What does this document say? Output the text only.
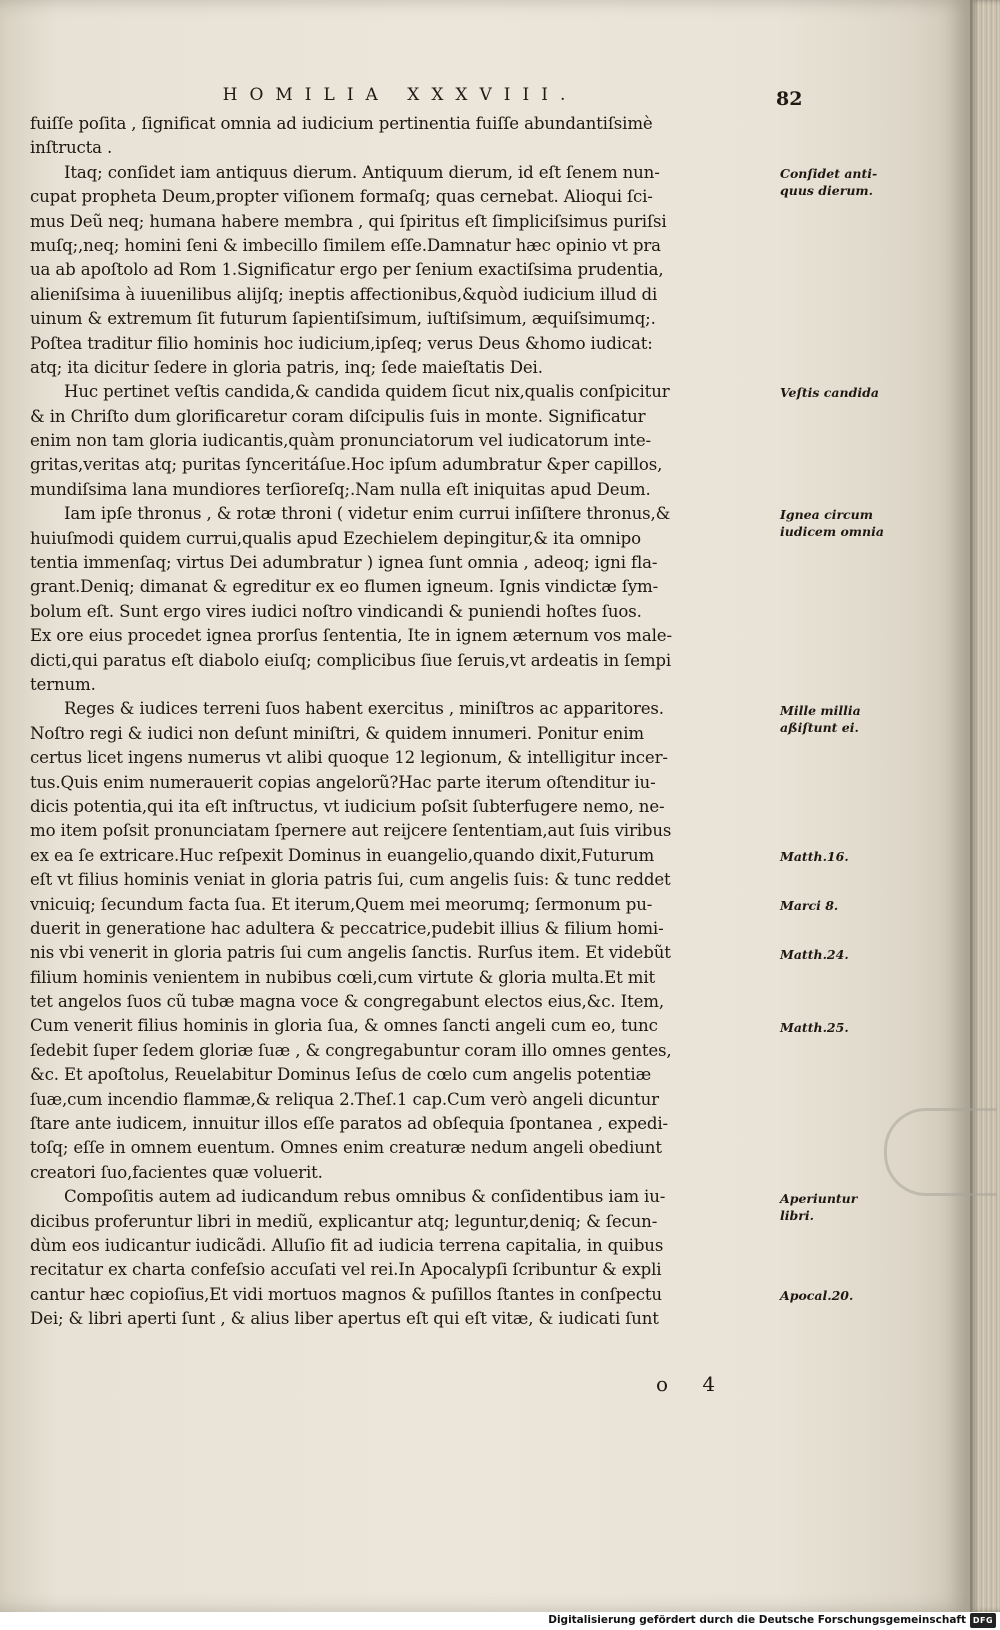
HOMILIA XXXVIII.	82
fuiſſe poſita , ſignificat omnia ad iudicium pertinentia fuiſſe abundantiſsimè
inſtructa .
Itaq; conſidet iam antiquus dierum. Antiquum dierum, id eſt ſenem nun-
cupat propheta Deum,propter viſionem formaſq; quas cernebat. Alioqui ſci-
mus Deũ neq; humana habere membra , qui ſpiritus eſt ſimpliciſsimus puriſsi
muſq;,neq; homini ſeni & imbecillo ſimilem eſſe.Damnatur hæc opinio vt pra
ua ab apoſtolo ad Rom 1.Significatur ergo per ſenium exactiſsima prudentia,
alieniſsima à iuuenilibus alijſq; ineptis affectionibus,&quòd iudicium illud di
uinum & extremum ſit futurum ſapientiſsimum, iuſtiſsimum, æquiſsimumq;.
Poſtea traditur filio hominis hoc iudicium,ipſeq; verus Deus &homo iudicat:
atq; ita dicitur ſedere in gloria patris, inq; ſede maieſtatis Dei.
Huc pertinet veſtis candida,& candida quidem ſicut nix,qualis conſpicitur
& in Chriſto dum glorificaretur coram diſcipulis ſuis in monte. Significatur
enim non tam gloria iudicantis,quàm pronunciatorum vel iudicatorum inte-
gritas,veritas atq; puritas ſynceritáſue.Hoc ipſum adumbratur &per capillos,
mundiſsima lana mundiores terſioreſq;.Nam nulla eſt iniquitas apud Deum.
Iam ipſe thronus , & rotæ throni ( videtur enim currui inſiſtere thronus,&
huiuſmodi quidem currui,qualis apud Ezechielem depingitur,& ita omnipo
tentia immenſaq; virtus Dei adumbratur ) ignea ſunt omnia , adeoq; igni fla-
grant.Deniq; dimanat & egreditur ex eo flumen igneum. Ignis vindictæ ſym-
bolum eſt. Sunt ergo vires iudici noſtro vindicandi & puniendi hoſtes ſuos.
Ex ore eius procedet ignea prorſus ſententia, Ite in ignem æternum vos male-
dicti,qui paratus eſt diabolo eiuſq; complicibus ſiue ſeruis,vt ardeatis in ſempi
ternum.
Reges & iudices terreni ſuos habent exercitus , miniſtros ac apparitores.
Noſtro regi & iudici non deſunt miniſtri, & quidem innumeri. Ponitur enim
certus licet ingens numerus vt alibi quoque 12 legionum, & intelligitur incer-
tus.Quis enim numerauerit copias angelorũ?Hac parte iterum oſtenditur iu-
dicis potentia,qui ita eſt inſtructus, vt iudicium poſsit ſubterfugere nemo, ne-
mo item poſsit pronunciatam ſpernere aut reijcere ſententiam,aut ſuis viribus
ex ea ſe extricare.Huc reſpexit Dominus in euangelio,quando dixit,Futurum
eſt vt filius hominis veniat in gloria patris ſui, cum angelis ſuis: & tunc reddet
vnicuiq; ſecundum facta ſua. Et iterum,Quem mei meorumq; ſermonum pu-
duerit in generatione hac adultera & peccatrice,pudebit illius & filium homi-
nis vbi venerit in gloria patris ſui cum angelis ſanctis. Rurſus item. Et videbũt
filium hominis venientem in nubibus cœli,cum virtute & gloria multa.Et mit
tet angelos ſuos cũ tubæ magna voce & congregabunt electos eius,&c. Item,
Cum venerit filius hominis in gloria ſua, & omnes ſancti angeli cum eo, tunc
ſedebit ſuper ſedem gloriæ ſuæ , & congregabuntur coram illo omnes gentes,
&c. Et apoſtolus, Reuelabitur Dominus Ieſus de cœlo cum angelis potentiæ
ſuæ,cum incendio flammæ,& reliqua 2.Theſ.1 cap.Cum verò angeli dicuntur
ſtare ante iudicem, innuitur illos eſſe paratos ad obſequia ſpontanea , expedi-
toſq; eſſe in omnem euentum. Omnes enim creaturæ nedum angeli obediunt
creatori ſuo,facientes quæ voluerit.
Compoſitis autem ad iudicandum rebus omnibus & conſidentibus iam iu-
dicibus proferuntur libri in mediũ, explicantur atq; leguntur,deniq; & ſecun-
dùm eos iudicantur iudicãdi. Alluſio fit ad iudicia terrena capitalia, in quibus
recitatur ex charta confeſsio accuſati vel rei.In Apocalypſi ſcribuntur & expli
cantur hæc copioſius,Et vidi mortuos magnos & puſillos ſtantes in conſpectu
Dei; & libri aperti ſunt , & alius liber apertus eſt qui eſt vitæ, & iudicati ſunt
Conſidet anti-
quus dierum.
Veſtis candida
Ignea circum
iudicem omnia
Mille millia
aßiſtunt ei.
Matth.16.
Marci 8.
Matth.24.
Matth.25.
Aperiuntur
libri.
Apocal.20.
o 4
Digitalisierung gefördert durch die Deutsche Forschungsgemeinschaft DFG
